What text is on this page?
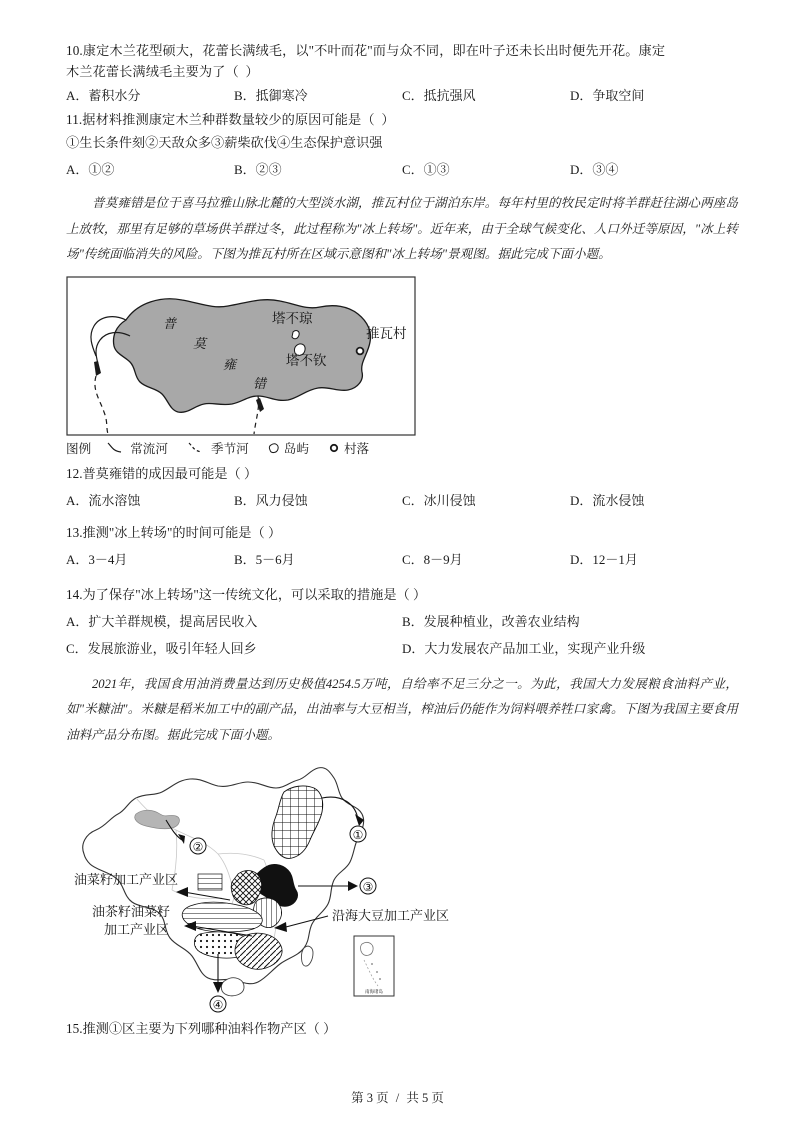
10.康定木兰花型硕大，花蕾长满绒毛，以"不叶而花"而与众不同，即在叶子还未长出时便先开花。康定
木兰花蕾长满绒毛主要为了（  ）
A．蓄积水分	B．抵御寒冷	C．抵抗强风	D．争取空间
11.据材料推测康定木兰种群数量较少的原因可能是（  ）
①生长条件刻②天敌众多③薪柴砍伐④生态保护意识强
A．①②	B．②③	C．①③	D．③④
普莫雍错是位于喜马拉雅山脉北麓的大型淡水湖，推瓦村位于湖泊东岸。每年村里的牧民定时将羊群赶往湖心两座岛上放牧，那里有足够的草场供羊群过冬，此过程称为"冰上转场"。近年来，由于全球气候变化、人口外迁等原因，"冰上转场"传统面临消失的风险。下图为推瓦村所在区域示意图和"冰上转场"景观图。据此完成下面小题。
普
莫
雍
错
塔不琼
塔不钦
推瓦村
图例	常流河	季节河	岛屿	村落
12.普莫雍错的成因最可能是（ ）
A．流水溶蚀	B．风力侵蚀	C．冰川侵蚀	D．流水侵蚀
13.推测"冰上转场"的时间可能是（ ）
A．3－4月	B．5－6月	C．8－9月	D．12－1月
14.为了保存"冰上转场"这一传统文化，可以采取的措施是（ ）
A．扩大羊群规模，提高居民收入	B．发展种植业，改善农业结构
C．发展旅游业，吸引年轻人回乡	D．大力发展农产品加工业，实现产业升级
2021年，我国食用油消费量达到历史极值4254.5万吨，自给率不足三分之一。为此，我国大力发展粮食油料产业，如"米糠油"。米糠是稻米加工中的副产品，出油率与大豆相当，榨油后仍能作为饲料喂养牲口家禽。下图为我国主要食用油料产品分布图。据此完成下面小题。
①
②
③
④
油菜籽加工产业区
油茶籽油菜籽
加工产业区
沿海大豆加工产业区
南海诸岛
15.推测①区主要为下列哪种油料作物产区（ ）
第 3 页 / 共 5 页
